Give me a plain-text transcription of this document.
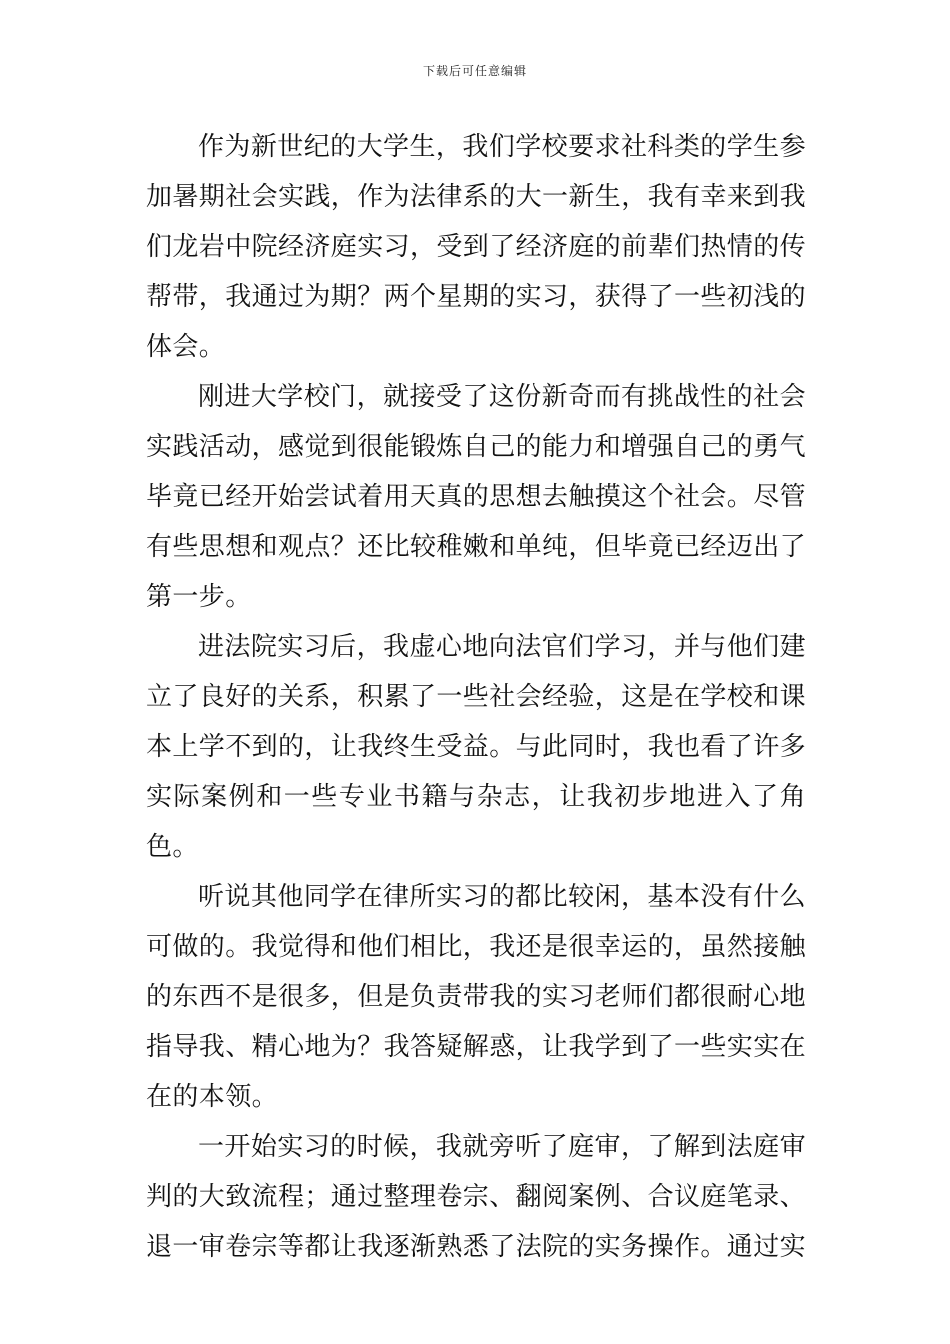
下载后可任意编辑

作为新世纪的大学生，我们学校要求社科类的学生参加暑期社会实践，作为法律系的大一新生，我有幸来到我们龙岩中院经济庭实习，受到了经济庭的前辈们热情的传帮带，我通过为期？两个星期的实习，获得了一些初浅的体会。

刚进大学校门，就接受了这份新奇而有挑战性的社会实践活动，感觉到很能锻炼自己的能力和增强自己的勇气毕竟已经开始尝试着用天真的思想去触摸这个社会。尽管有些思想和观点？还比较稚嫩和单纯，但毕竟已经迈出了第一步。

进法院实习后，我虚心地向法官们学习，并与他们建立了良好的关系，积累了一些社会经验，这是在学校和课本上学不到的，让我终生受益。与此同时，我也看了许多实际案例和一些专业书籍与杂志，让我初步地进入了角色。

听说其他同学在律所实习的都比较闲，基本没有什么可做的。我觉得和他们相比，我还是很幸运的，虽然接触的东西不是很多，但是负责带我的实习老师们都很耐心地指导我、精心地为？我答疑解惑，让我学到了一些实实在在的本领。

一开始实习的时候，我就旁听了庭审，了解到法庭审判的大致流程；通过整理卷宗、翻阅案例、合议庭笔录、退一审卷宗等都让我逐渐熟悉了法院的实务操作。通过实
